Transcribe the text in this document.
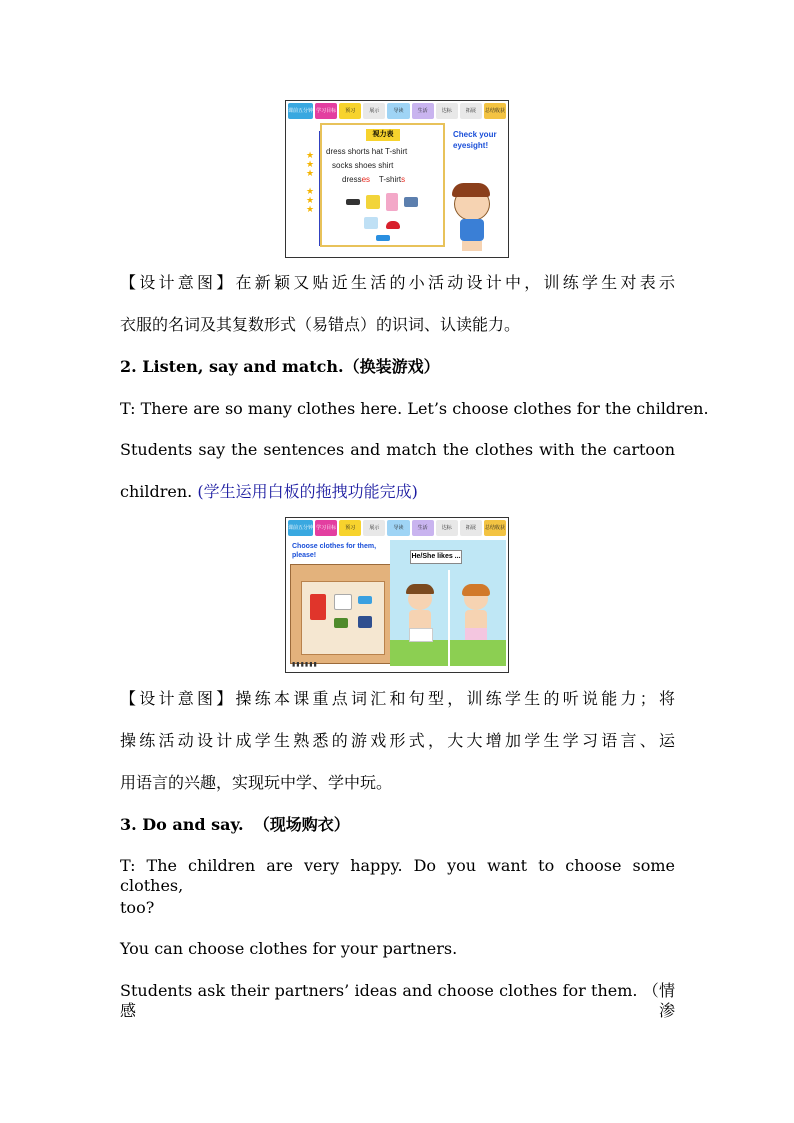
课前五分钟 学习目标	预习	展示	导读	生活	达标	拓展	总结收获
★
★
★

★
★
★
视力表
dress shorts hat T-shirt
socks shoes shirt
dresses T-shirts
Check your eyesight!

【设计意图】在新颖又贴近生活的小活动设计中，训练学生对表示

衣服的名词及其复数形式（易错点）的识词、认读能力。

2. Listen, say and match.（换装游戏）

T: There are so many clothes here. Let’s choose clothes for the children.

Students say the sentences and match the clothes with the cartoon

children. (学生运用白板的拖拽功能完成)

课前五分钟 学习目标	预习	展示	导读	生活	达标	拓展	总结收获
Choose clothes for them, please!
▮▮▮▮▮▮
He/She likes ...

【设计意图】操练本课重点词汇和句型，训练学生的听说能力；将

操练活动设计成学生熟悉的游戏形式，大大增加学生学习语言、运

用语言的兴趣，实现玩中学、学中玩。

3. Do and say. （现场购衣）

T: The children are very happy. Do you want to choose some clothes,

too?

You can choose clothes for your partners.

Students ask their partners’ ideas and choose clothes for them. （情感渗
